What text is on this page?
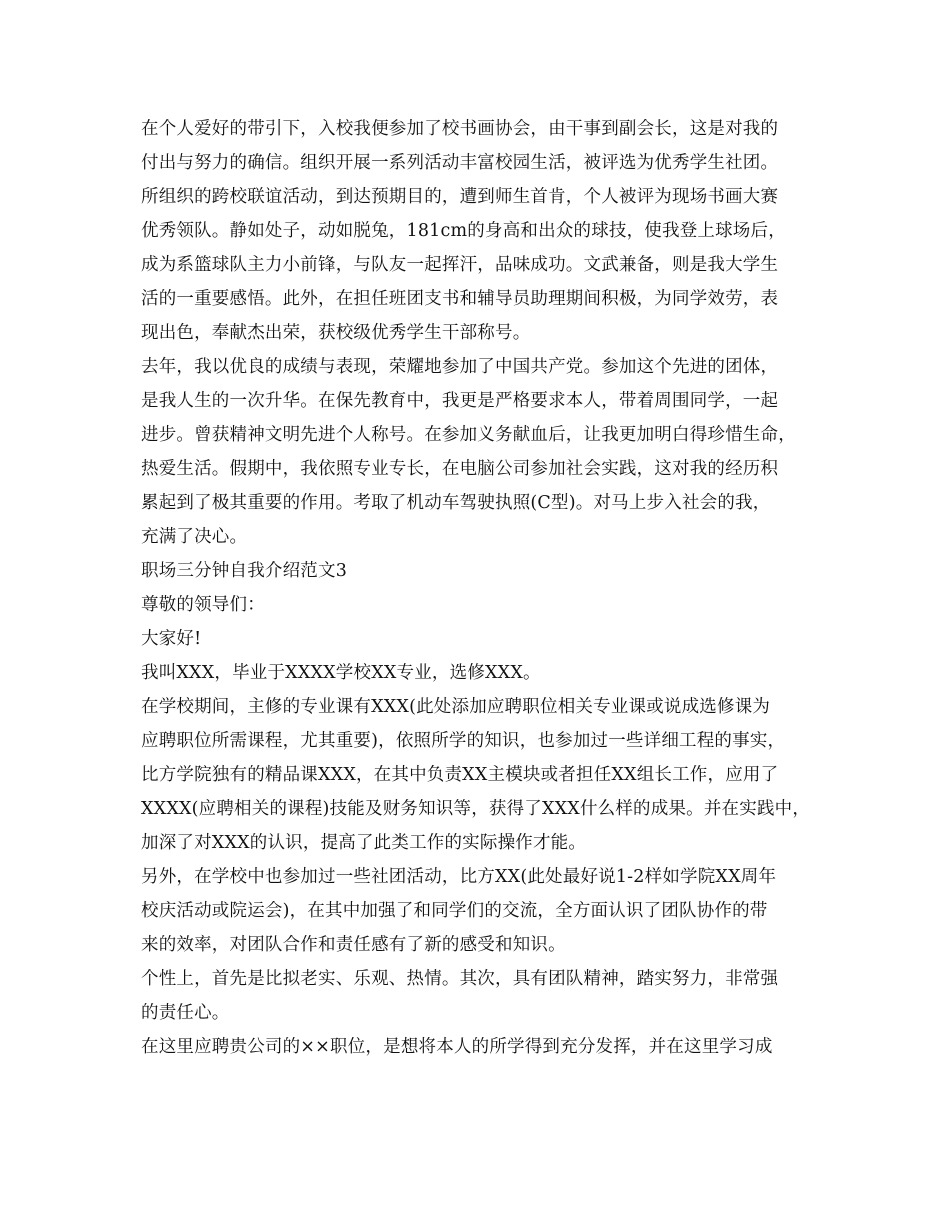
在个人爱好的带引下，入校我便参加了校书画协会，由干事到副会长，这是对我的
付出与努力的确信。组织开展一系列活动丰富校园生活，被评选为优秀学生社团。
所组织的跨校联谊活动，到达预期目的，遭到师生首肯，个人被评为现场书画大赛
优秀领队。静如处子，动如脱兔，181cm的身高和出众的球技，使我登上球场后，
成为系篮球队主力小前锋，与队友一起挥汗，品味成功。文武兼备，则是我大学生
活的一重要感悟。此外，在担任班团支书和辅导员助理期间积极，为同学效劳，表
现出色，奉献杰出荣，获校级优秀学生干部称号。
去年，我以优良的成绩与表现，荣耀地参加了中国共产党。参加这个先进的团体，
是我人生的一次升华。在保先教育中，我更是严格要求本人，带着周围同学，一起
进步。曾获精神文明先进个人称号。在参加义务献血后，让我更加明白得珍惜生命，
热爱生活。假期中，我依照专业专长，在电脑公司参加社会实践，这对我的经历积
累起到了极其重要的作用。考取了机动车驾驶执照(C型)。对马上步入社会的我，
充满了决心。
职场三分钟自我介绍范文3
尊敬的领导们：
大家好!
我叫XXX，毕业于XXXX学校XX专业，选修XXX。
在学校期间，主修的专业课有XXX(此处添加应聘职位相关专业课或说成选修课为
应聘职位所需课程，尤其重要)，依照所学的知识，也参加过一些详细工程的事实，
比方学院独有的精品课XXX，在其中负责XX主模块或者担任XX组长工作，应用了
XXXX(应聘相关的课程)技能及财务知识等，获得了XXX什么样的成果。并在实践中，
加深了对XXX的认识，提高了此类工作的实际操作才能。
另外，在学校中也参加过一些社团活动，比方XX(此处最好说1-2样如学院XX周年
校庆活动或院运会)，在其中加强了和同学们的交流，全方面认识了团队协作的带
来的效率，对团队合作和责任感有了新的感受和知识。
个性上，首先是比拟老实、乐观、热情。其次，具有团队精神，踏实努力，非常强
的责任心。
在这里应聘贵公司的××职位，是想将本人的所学得到充分发挥，并在这里学习成
